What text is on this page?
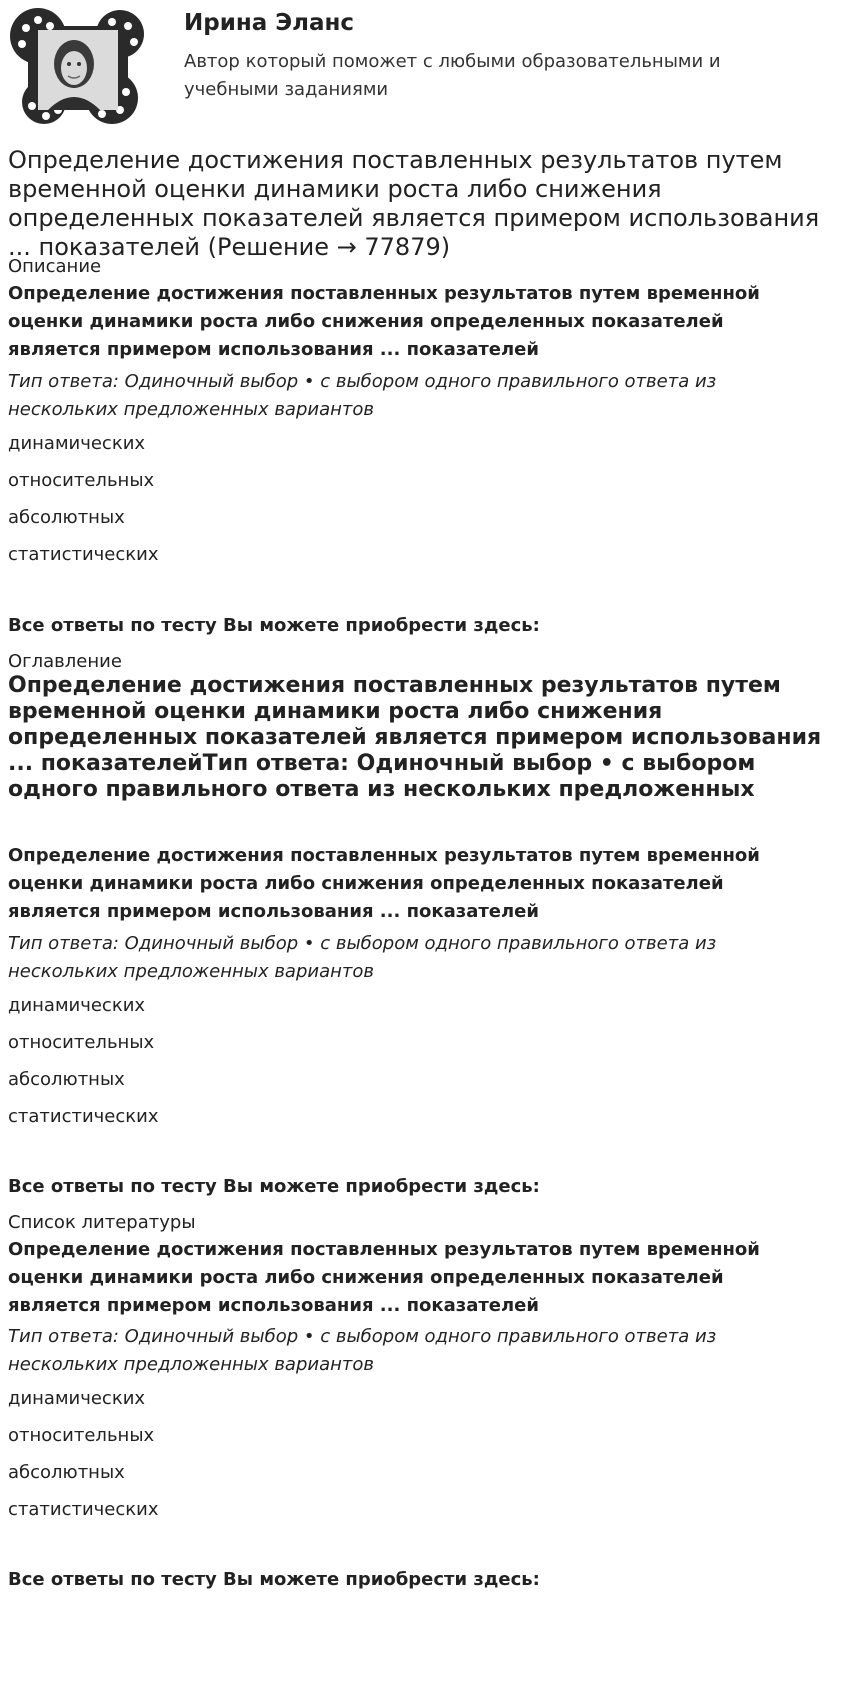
Ирина Эланс
Автор который поможет с любыми образовательными и учебными заданиями
Определение достижения поставленных результатов путем временной оценки динамики роста либо снижения определенных показателей является примером использования ... показателей (Решение → 77879)
Описание
Определение достижения поставленных результатов путем временной оценки динамики роста либо снижения определенных показателей является примером использования ... показателей
Тип ответа: Одиночный выбор • с выбором одного правильного ответа из нескольких предложенных вариантов
динамических
относительных
абсолютных
статистических
Все ответы по тесту Вы можете приобрести здесь:
Оглавление
Определение достижения поставленных результатов путем временной оценки динамики роста либо снижения определенных показателей является примером использования ... показателейТип ответа: Одиночный выбор • с выбором одного правильного ответа из нескольких предложенных
Определение достижения поставленных результатов путем временной оценки динамики роста либо снижения определенных показателей является примером использования ... показателей
Тип ответа: Одиночный выбор • с выбором одного правильного ответа из нескольких предложенных вариантов
динамических
относительных
абсолютных
статистических
Все ответы по тесту Вы можете приобрести здесь:
Список литературы
Определение достижения поставленных результатов путем временной оценки динамики роста либо снижения определенных показателей является примером использования ... показателей
Тип ответа: Одиночный выбор • с выбором одного правильного ответа из нескольких предложенных вариантов
динамических
относительных
абсолютных
статистических
Все ответы по тесту Вы можете приобрести здесь:
